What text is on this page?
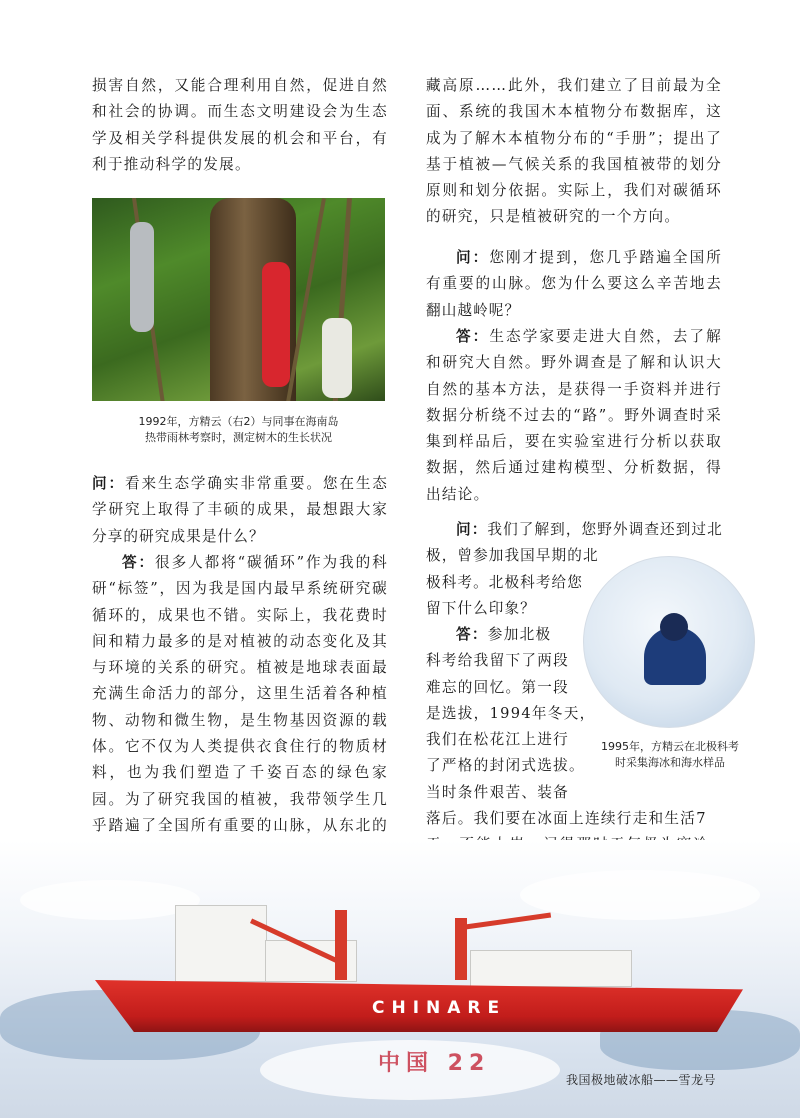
损害自然，又能合理利用自然，促进自然和社会的协调。而生态文明建设会为生态学及相关学科提供发展的机会和平台，有利于推动科学的发展。

1992年，方精云（右2）与同事在海南岛
热带雨林考察时，测定树木的生长状况

问：看来生态学确实非常重要。您在生态学研究上取得了丰硕的成果，最想跟大家分享的研究成果是什么？

答：很多人都将“碳循环”作为我的科研“标签”，因为我是国内最早系统研究碳循环的，成果也不错。实际上，我花费时间和精力最多的是对植被的动态变化及其与环境的关系的研究。植被是地球表面最充满生命活力的部分，这里生活着各种植物、动物和微生物，是生物基因资源的载体。它不仅为人类提供衣食住行的物质材料，也为我们塑造了千姿百态的绿色家园。为了研究我国的植被，我带领学生几乎踏遍了全国所有重要的山脉，从东北的

藏高原……此外，我们建立了目前最为全面、系统的我国木本植物分布数据库，这成为了解木本植物分布的“手册”；提出了基于植被—气候关系的我国植被带的划分原则和划分依据。实际上，我们对碳循环的研究，只是植被研究的一个方向。

问：您刚才提到，您几乎踏遍全国所有重要的山脉。您为什么要这么辛苦地去翻山越岭呢？

答：生态学家要走进大自然，去了解和研究大自然。野外调查是了解和认识大自然的基本方法，是获得一手资料并进行数据分析绕不过去的“路”。野外调查时采集到样品后，要在实验室进行分析以获取数据，然后通过建构模型、分析数据，得出结论。

问：我们了解到，您野外调查还到过北
极，曾参加我国早期的北
极科考。北极科考给您
留下什么印象？
1995年，方精云在北极科考
时采集海冰和海水样品
答：参加北极
科考给我留下了两段
难忘的回忆。第一段
是选拔，1994年冬天，
我们在松花江上进行
了严格的封闭式选拔。
当时条件艰苦、装备
落后。我们要在冰面上连续行走和生活7
CHINARE
中国 22
我国极地破冰船——雪龙号
